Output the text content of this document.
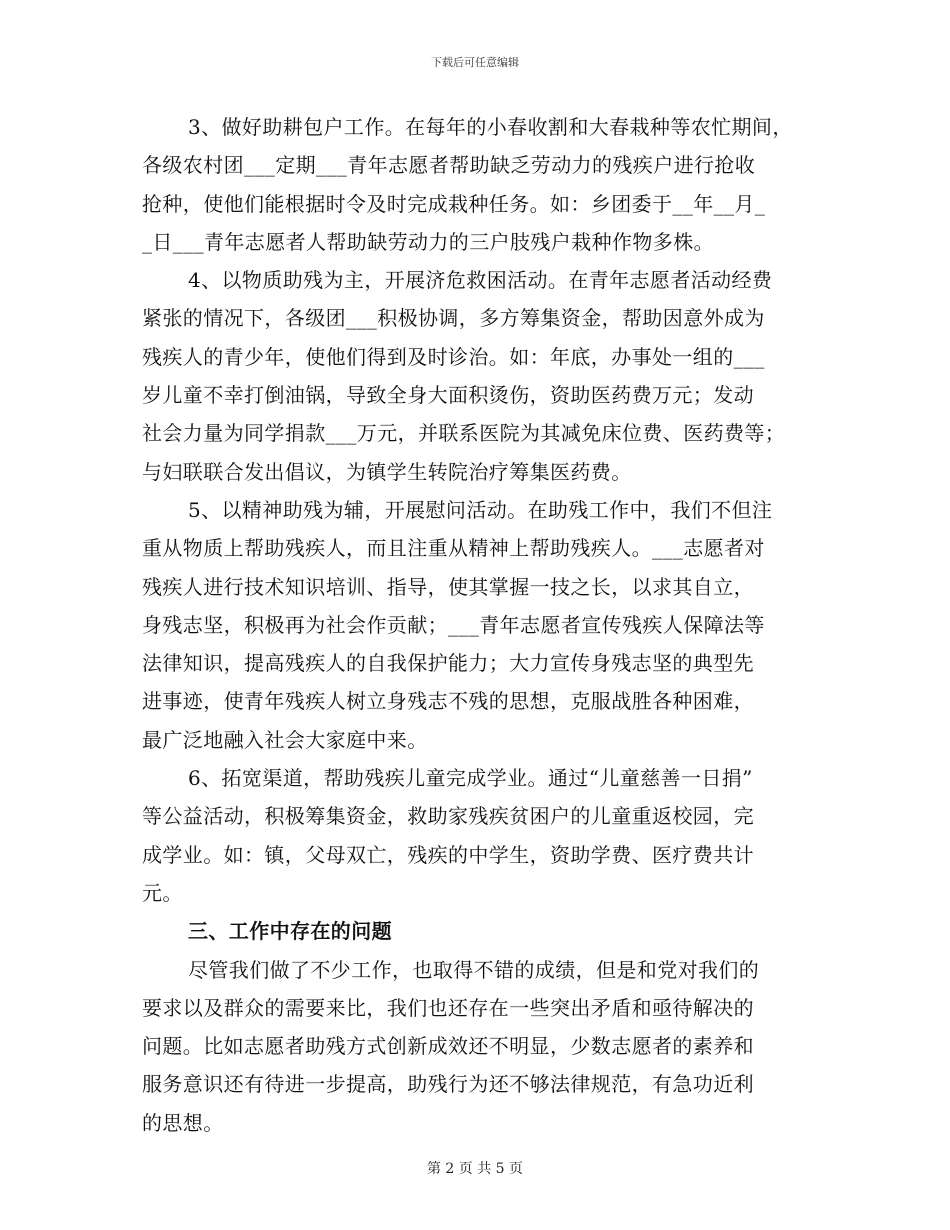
下载后可任意编辑
3、做好助耕包户工作。在每年的小春收割和大春栽种等农忙期间，
各级农村团___定期___青年志愿者帮助缺乏劳动力的残疾户进行抢收
抢种，使他们能根据时令及时完成栽种任务。如：乡团委于__年__月_
_日___青年志愿者人帮助缺劳动力的三户肢残户栽种作物多株。
4、以物质助残为主，开展济危救困活动。在青年志愿者活动经费
紧张的情况下，各级团___积极协调，多方筹集资金，帮助因意外成为
残疾人的青少年，使他们得到及时诊治。如：年底，办事处一组的___
岁儿童不幸打倒油锅，导致全身大面积烫伤，资助医药费万元；发动
社会力量为同学捐款___万元，并联系医院为其减免床位费、医药费等；
与妇联联合发出倡议，为镇学生转院治疗筹集医药费。
5、以精神助残为辅，开展慰问活动。在助残工作中，我们不但注
重从物质上帮助残疾人，而且注重从精神上帮助残疾人。___志愿者对
残疾人进行技术知识培训、指导，使其掌握一技之长，以求其自立，
身残志坚，积极再为社会作贡献；___青年志愿者宣传残疾人保障法等
法律知识，提高残疾人的自我保护能力；大力宣传身残志坚的典型先
进事迹，使青年残疾人树立身残志不残的思想，克服战胜各种困难，
最广泛地融入社会大家庭中来。
6、拓宽渠道，帮助残疾儿童完成学业。通过“儿童慈善一日捐”
等公益活动，积极筹集资金，救助家残疾贫困户的儿童重返校园，完
成学业。如：镇，父母双亡，残疾的中学生，资助学费、医疗费共计
元。
三、工作中存在的问题
尽管我们做了不少工作，也取得不错的成绩，但是和党对我们的
要求以及群众的需要来比，我们也还存在一些突出矛盾和亟待解决的
问题。比如志愿者助残方式创新成效还不明显，少数志愿者的素养和
服务意识还有待进一步提高，助残行为还不够法律规范，有急功近利
的思想。
第 2 页 共 5 页
